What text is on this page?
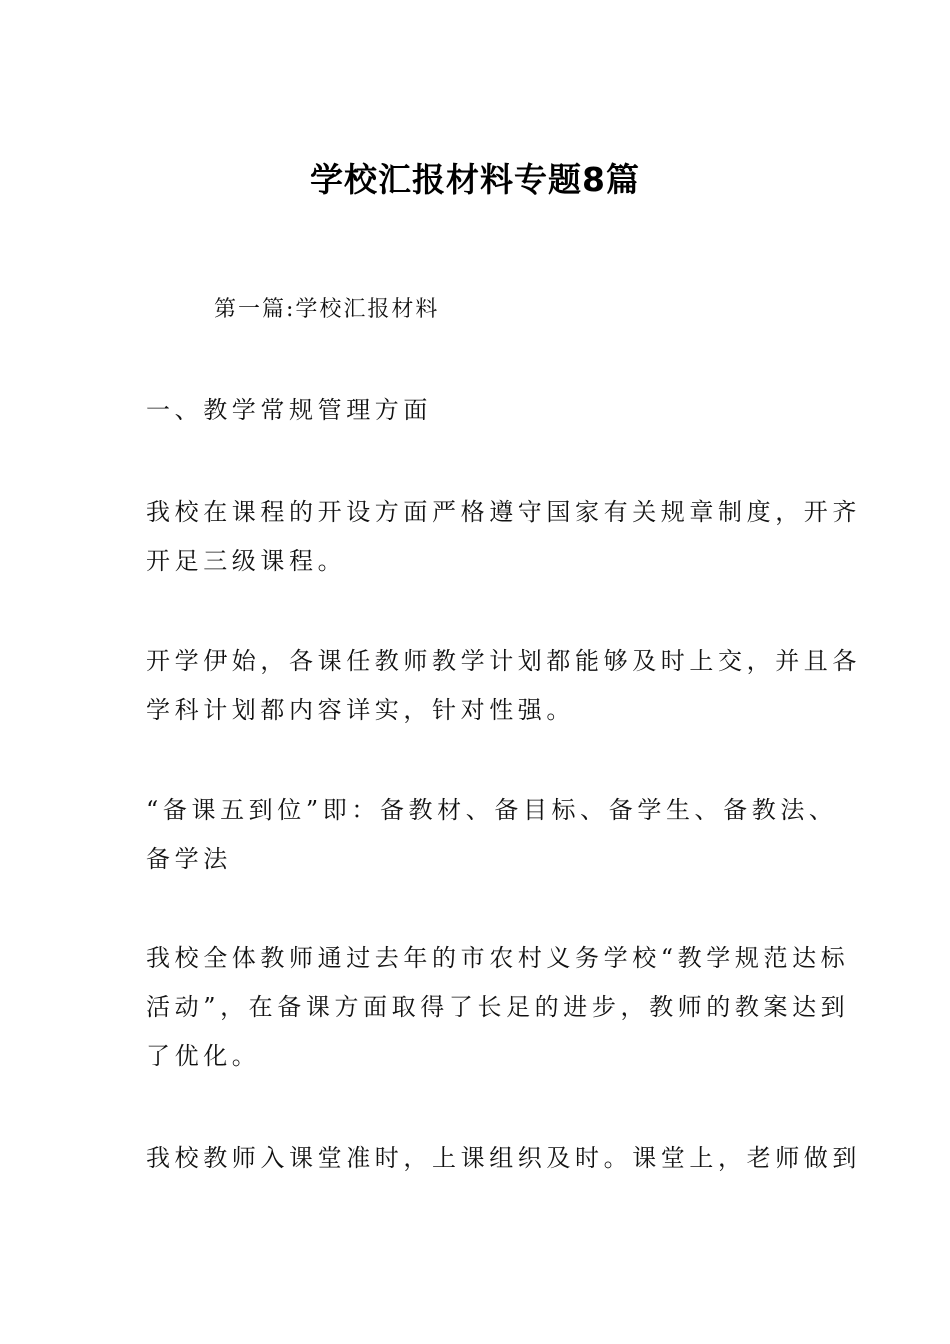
学校汇报材料专题8篇
第一篇:学校汇报材料

一、教学常规管理方面

我校在课程的开设方面严格遵守国家有关规章制度，开齐
开足三级课程。

开学伊始，各课任教师教学计划都能够及时上交，并且各
学科计划都内容详实，针对性强。

“备课五到位”即：备教材、备目标、备学生、备教法、
备学法

我校全体教师通过去年的市农村义务学校“教学规范达标
活动”，在备课方面取得了长足的进步，教师的教案达到
了优化。

我校教师入课堂准时，上课组织及时。课堂上，老师做到
